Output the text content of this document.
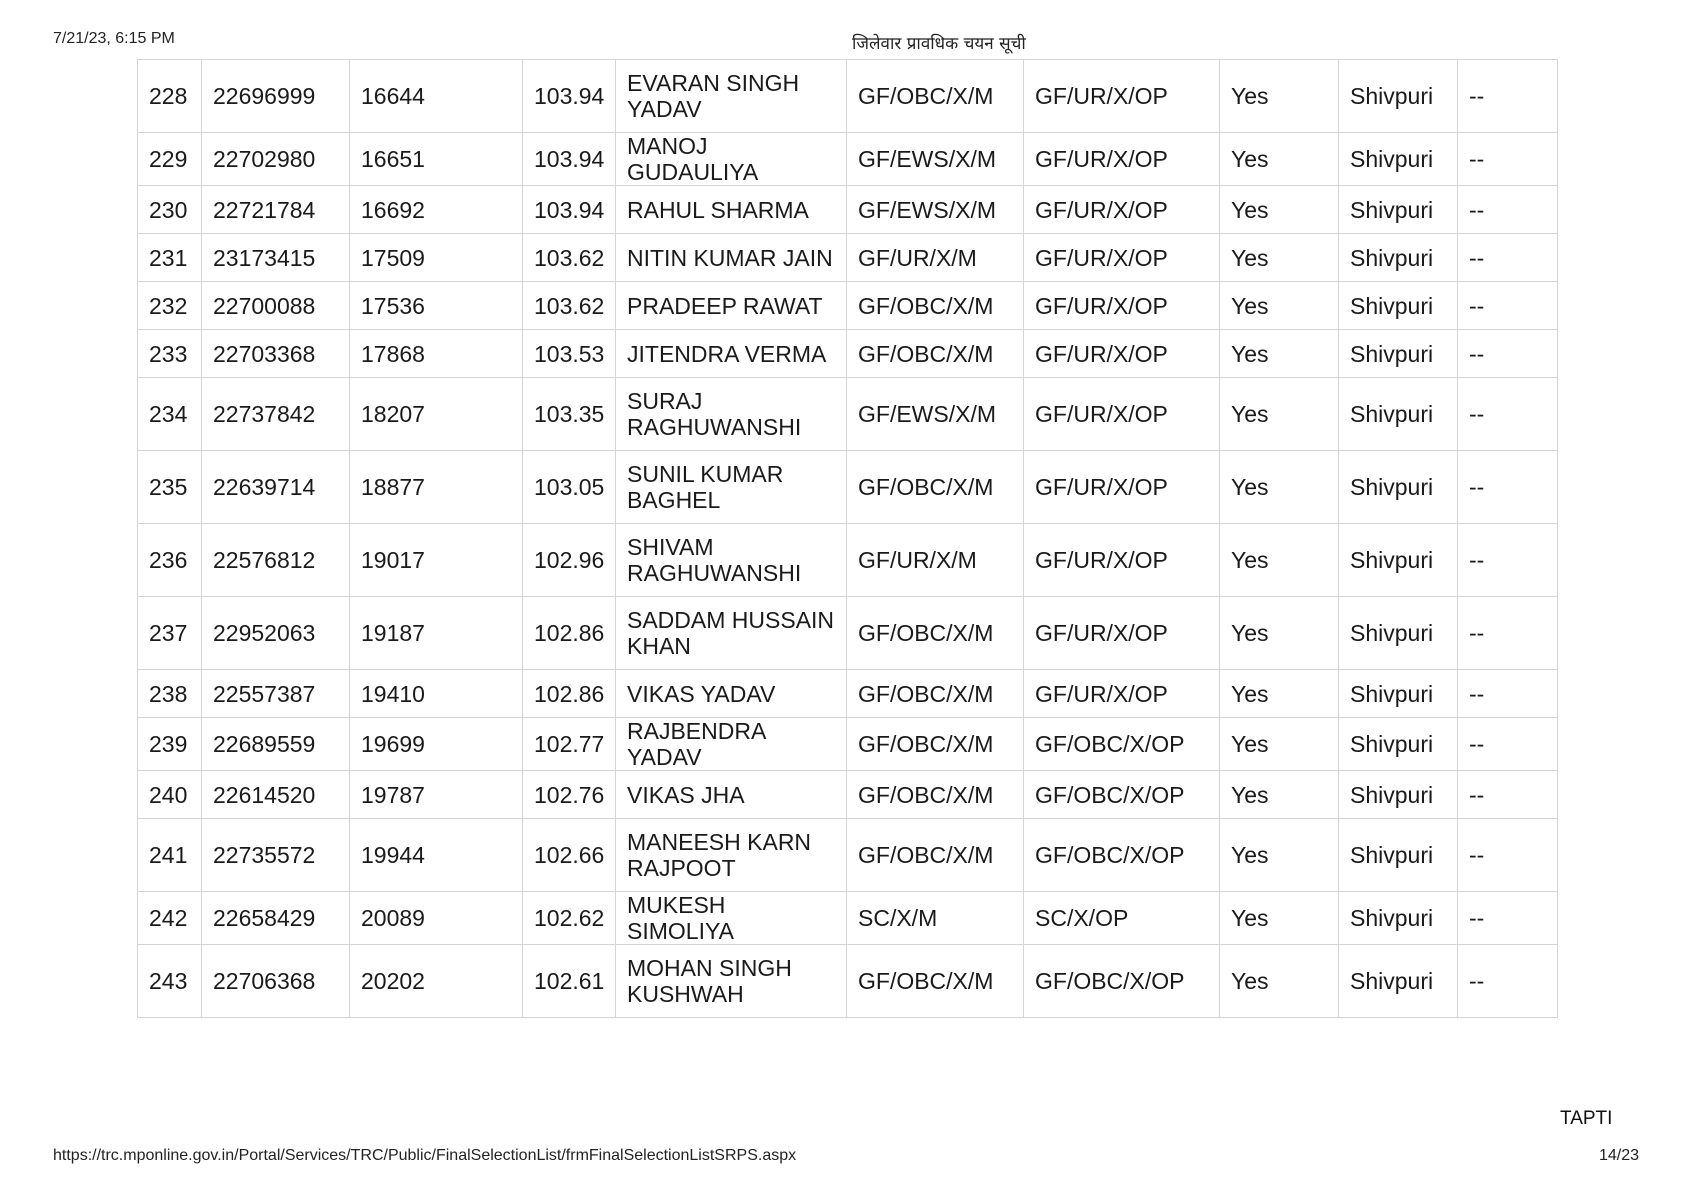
7/21/23, 6:15 PM	जिलेवार प्रावधिक चयन सूची
228	22696999	16644	103.94	EVARAN SINGH YADAV	GF/OBC/X/M	GF/UR/X/OP	Yes	Shivpuri	--
229	22702980	16651	103.94	MANOJ GUDAULIYA	GF/EWS/X/M	GF/UR/X/OP	Yes	Shivpuri	--
230	22721784	16692	103.94	RAHUL SHARMA	GF/EWS/X/M	GF/UR/X/OP	Yes	Shivpuri	--
231	23173415	17509	103.62	NITIN KUMAR JAIN	GF/UR/X/M	GF/UR/X/OP	Yes	Shivpuri	--
232	22700088	17536	103.62	PRADEEP RAWAT	GF/OBC/X/M	GF/UR/X/OP	Yes	Shivpuri	--
233	22703368	17868	103.53	JITENDRA VERMA	GF/OBC/X/M	GF/UR/X/OP	Yes	Shivpuri	--
234	22737842	18207	103.35	SURAJ RAGHUWANSHI	GF/EWS/X/M	GF/UR/X/OP	Yes	Shivpuri	--
235	22639714	18877	103.05	SUNIL KUMAR BAGHEL	GF/OBC/X/M	GF/UR/X/OP	Yes	Shivpuri	--
236	22576812	19017	102.96	SHIVAM RAGHUWANSHI	GF/UR/X/M	GF/UR/X/OP	Yes	Shivpuri	--
237	22952063	19187	102.86	SADDAM HUSSAIN KHAN	GF/OBC/X/M	GF/UR/X/OP	Yes	Shivpuri	--
238	22557387	19410	102.86	VIKAS YADAV	GF/OBC/X/M	GF/UR/X/OP	Yes	Shivpuri	--
239	22689559	19699	102.77	RAJBENDRA YADAV	GF/OBC/X/M	GF/OBC/X/OP	Yes	Shivpuri	--
240	22614520	19787	102.76	VIKAS JHA	GF/OBC/X/M	GF/OBC/X/OP	Yes	Shivpuri	--
241	22735572	19944	102.66	MANEESH KARN RAJPOOT	GF/OBC/X/M	GF/OBC/X/OP	Yes	Shivpuri	--
242	22658429	20089	102.62	MUKESH SIMOLIYA	SC/X/M	SC/X/OP	Yes	Shivpuri	--
243	22706368	20202	102.61	MOHAN SINGH KUSHWAH	GF/OBC/X/M	GF/OBC/X/OP	Yes	Shivpuri	--
TAPTI
https://trc.mponline.gov.in/Portal/Services/TRC/Public/FinalSelectionList/frmFinalSelectionListSRPS.aspx	14/23
